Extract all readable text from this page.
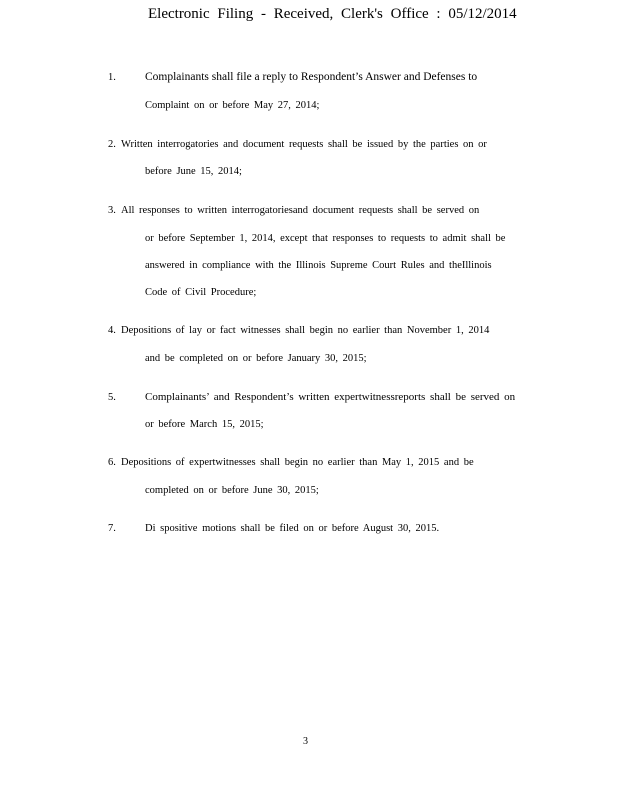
Electronic Filing - Received, Clerk's Office : 05/12/2014
1.	Complainants shall file a reply to Respondent’s Answer and Defenses to
Complaint on or before May 27, 2014;
2. Written interrogatories and document requests shall be issued by the parties on or
before June 15, 2014;
3. All responses to written interrogatoriesand document requests shall be served on
or before September 1, 2014, except that responses to requests to admit shall be
answered in compliance with the Illinois Supreme Court Rules and theIllinois
Code of Civil Procedure;
4. Depositions of lay or fact witnesses shall begin no earlier than November 1, 2014
and be completed on or before January 30, 2015;
5.	Complainants’ and Respondent’s written expertwitnessreports shall be served on
or before March 15, 2015;
6. Depositions of expertwitnesses shall begin no earlier than May 1, 2015 and be
completed on or before June 30, 2015;
7.	Di spositive motions shall be filed on or before August 30, 2015.
3
